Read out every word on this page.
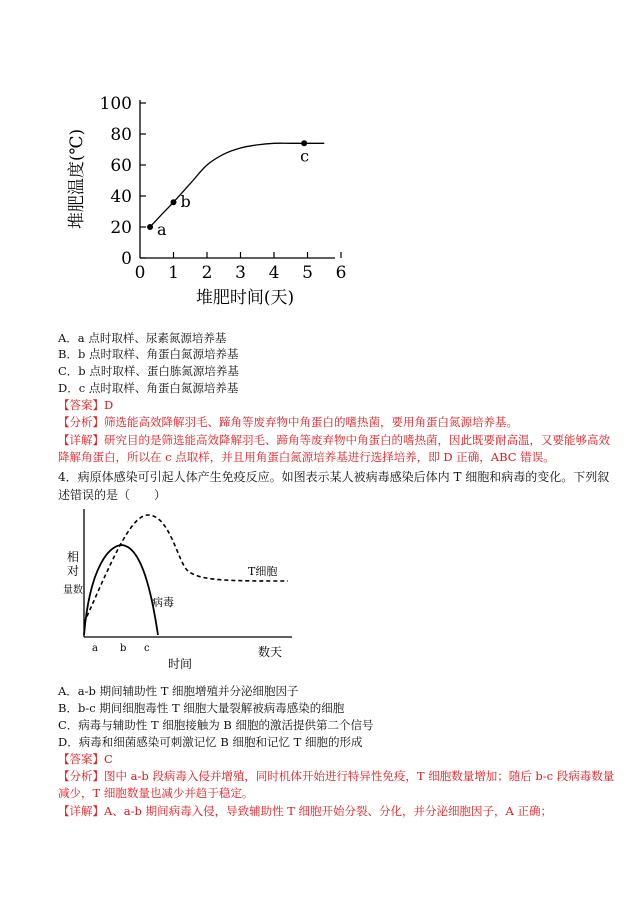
0
20
40
60
80
100
0 1 2 3 4 5 6
a
b
c
堆肥温度(℃)
堆肥时间(天)
A．a 点时取样、尿素氮源培养基
B．b 点时取样、角蛋白氮源培养基
C．b 点时取样、蛋白胨氮源培养基
D．c 点时取样、角蛋白氮源培养基
【答案】D
【分析】筛选能高效降解羽毛、蹄角等废弃物中角蛋白的嗜热菌，要用角蛋白氮源培养基。
【详解】研究目的是筛选能高效降解羽毛、蹄角等废弃物中角蛋白的嗜热菌，因此既要耐高温，又要能够高效降解角蛋白，所以在 c 点取样，并且用角蛋白氮源培养基进行选择培养，即 D 正确，ABC 错误。
4．病原体感染可引起人体产生免疫反应。如图表示某人被病毒感染后体内 T 细胞和病毒的变化。下列叙述错误的是（　　）
病毒
T细胞
相
对
量数
a b c
时间
数天
A．a-b 期间辅助性 T 细胞增殖并分泌细胞因子
B．b-c 期间细胞毒性 T 细胞大量裂解被病毒感染的细胞
C．病毒与辅助性 T 细胞接触为 B 细胞的激活提供第二个信号
D．病毒和细菌感染可刺激记忆 B 细胞和记忆 T 细胞的形成
【答案】C
【分析】图中 a-b 段病毒入侵并增殖，同时机体开始进行特异性免疫，T 细胞数量增加；随后 b-c 段病毒数量减少，T 细胞数量也减少并趋于稳定。
【详解】A、a-b 期间病毒入侵，导致辅助性 T 细胞开始分裂、分化，并分泌细胞因子，A 正确；
